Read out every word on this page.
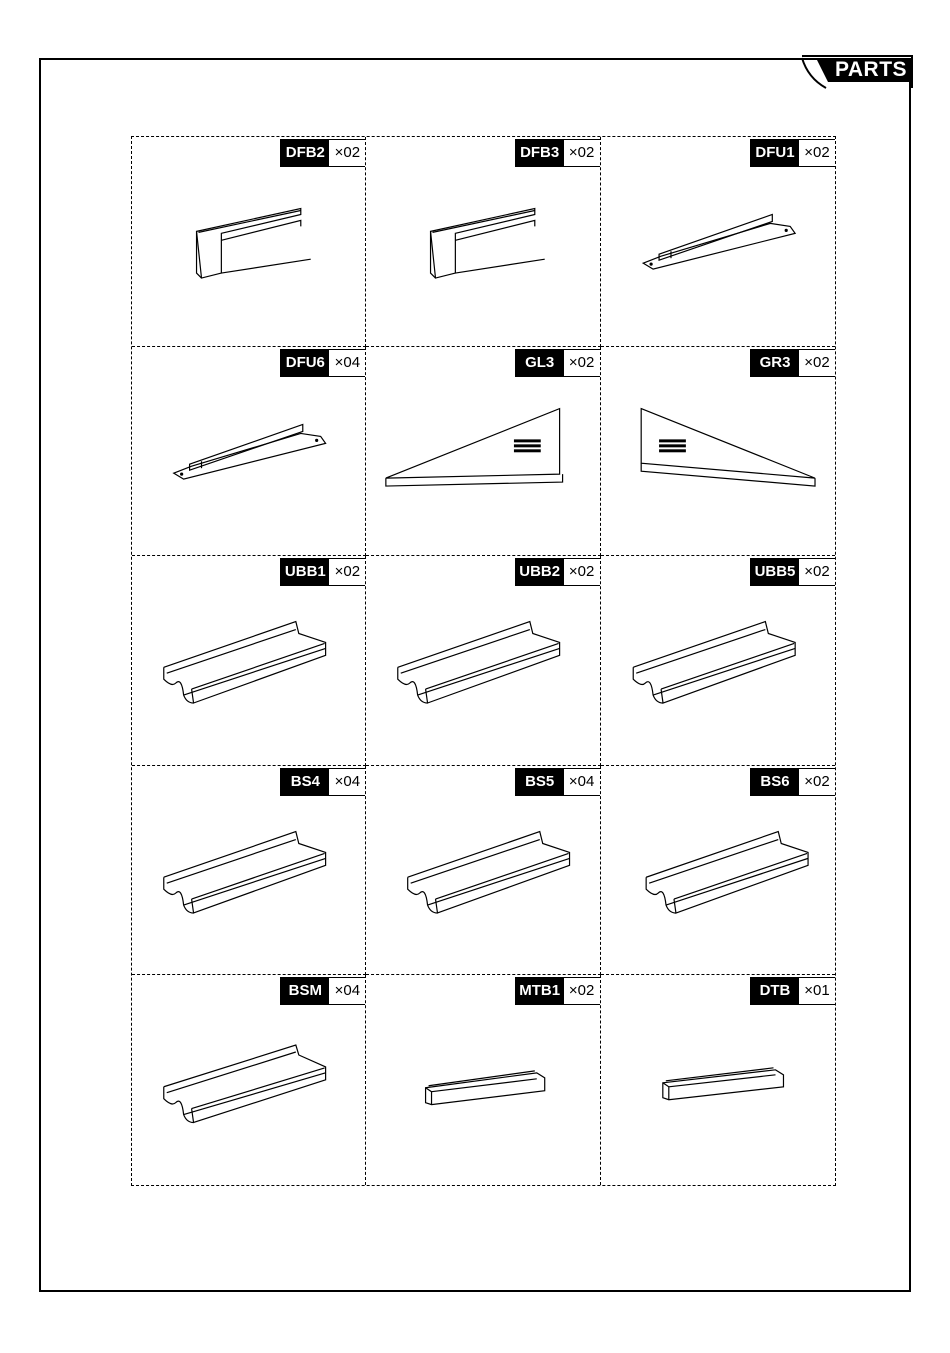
PARTS
DFB2 ×02	DFB3 ×02	DFU1 ×02
DFU6 ×04	GL3 ×02	GR3 ×02
UBB1 ×02	UBB2 ×02	UBB5 ×02
BS4 ×04	BS5 ×04	BS6 ×02
BSM ×04	MTB1 ×02	DTB ×01
